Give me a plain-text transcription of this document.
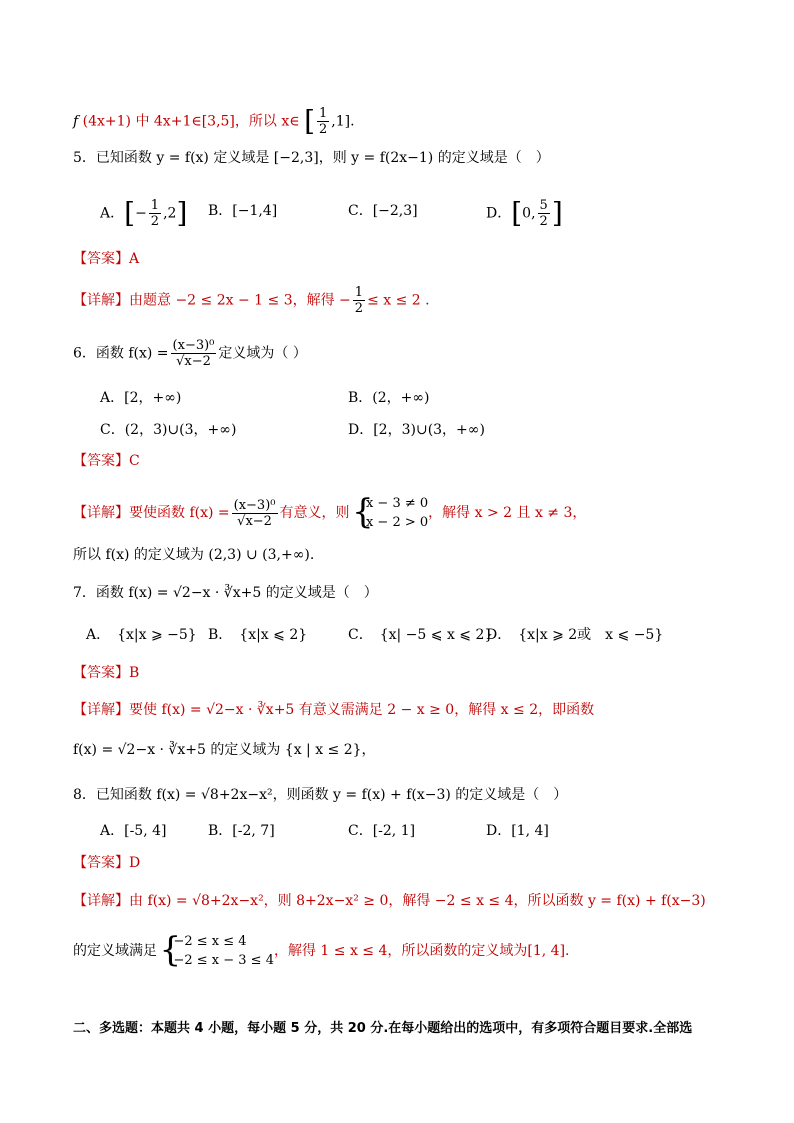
f (4x+1) 中 4x+1∈[3,5]，所以 x∈ [ $\frac{1}{2} ,1$].
5．已知函数 y = f(x) 定义域是 [−2,3]，则 y = f(2x−1) 的定义域是（　）
A．[− $\frac{1}{2} ,2$] B．[−1,4]	C．[−2,3]	D．[0, $\frac{5}{2}$ ]
【答案】A
【详解】由题意 −2 ≤ 2x − 1 ≤ 3，解得 − $\frac{1}{2} \le x \le 2$ .
6．函数 $f(x) = \frac{\text{(x−3)⁰}}{√x-2}$ 定义域为（ ）
A．[2，+∞)	B．(2，+∞)
C．(2，3)∪(3，+∞)	D．[2，3)∪(3，+∞)
【答案】C
【详解】要使函数 $f(x) = \frac{\text{(x−3)⁰}}{√x-2}$ 有意义，则 { x − 3 ≠ 0
x − 2 > 0，解得 x > 2 且 x ≠ 3，
所以 f(x) 的定义域为 (2,3) ∪ (3,+∞).
7．函数 f(x) = √2−x · ∛x+5 的定义域是（　）
A．　{x|x ⩾ −5} B．　{x|x ⩽ 2}	C．　{x| −5 ⩽ x ⩽ 2}
D．　{x|x ⩾ 2或　x ⩽ −5}
【答案】B
【详解】要使 f(x) = √2−x · ∛x+5 有意义需满足 2 − x ≥ 0，解得 x ≤ 2，即函数
f(x) = √2−x · ∛x+5 的定义域为 {x | x ≤ 2}，
8．已知函数 f(x) = √8+2x−x²，则函数 y = f(x) + f(x−3) 的定义域是（　）
A．[-5, 4]	B．[-2, 7]	C．[-2, 1]	D．[1, 4]
【答案】D
【详解】由 f(x) = √8+2x−x²，则 8+2x−x² ≥ 0，解得 −2 ≤ x ≤ 4，所以函数 y = f(x) + f(x−3)
的定义域满足 { −2 ≤ x ≤ 4
−2 ≤ x − 3 ≤ 4，解得 1 ≤ x ≤ 4，所以函数的定义域为[1, 4].
二、多选题：本题共 4 小题，每小题 5 分，共 20 分.在每小题给出的选项中，有多项符合题目要求.全部选
